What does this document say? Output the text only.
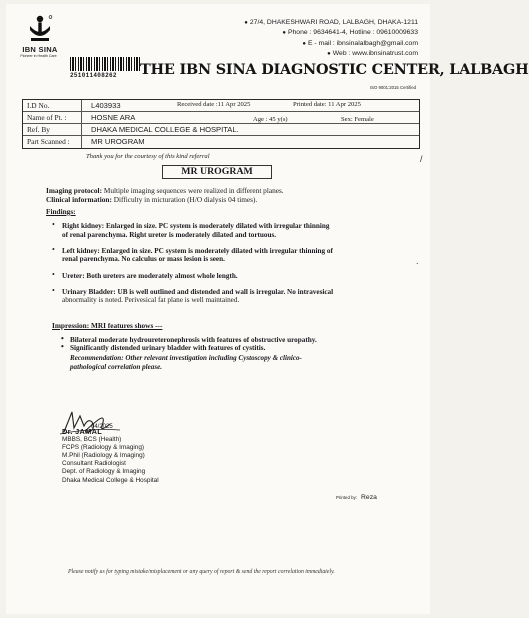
IBN SINA
Pioneer in Health Care
● 27/4, DHAKESHWARI ROAD, LALBAGH, DHAKA-1211
● Phone : 9634641-4, Hotline : 09610009633
● E - mail : ibnsinalalbagh@gmail.com
● Web : www.ibnsinatrust.com
251011408262	THE IBN SINA DIAGNOSTIC CENTER, LALBAGH
ISO 9001:2015 Certified
I.D No.	L403933	Received date :11 Apr 2025	Printed date: 11 Apr 2025
Name of Pt. :	HOSNE ARA	Age : 45 y(s)	Sex: Female
Ref. By	DHAKA MEDICAL COLLEGE & HOSPITAL.
Part Scanned :	MR UROGRAM
Thank you for the courtesy of this kind referral
MR UROGRAM
Imaging protocol: Multiple imaging sequences were realized in different planes.
Clinical information: Difficulty in micturation (H/O dialysis 04 times).
Findings:
• Right kidney: Enlarged in size. PC system is moderately dilated with irregular thinning
of renal parenchyma. Right ureter is moderately dilated and tortuous.
• Left kidney: Enlarged in size. PC system is moderately dilated with irregular thinning of
renal parenchyma. No calculus or mass lesion is seen.
• Ureter: Both ureters are moderately almost whole length.
• Urinary Bladder: UB is well outlined and distended and wall is irregular. No intravesical
abnormality is noted. Perivesical fat plane is well maintained.
Impression: MRI features shows ---
• Bilateral moderate hydroureteronephrosis with features of obstructive uropathy.
• Significantly distended urinary bladder with features of cystitis.
Recommendation: Other relevant investigation including Cystoscopy & clinico-
pathological correlation please.
04/2025
Dr. JAMAL
MBBS, BCS (Health)
FCPS (Radiology & Imaging)
M.Phil (Radiology & Imaging)
Consultant Radiologist
Dept. of Radiology & Imaging
Dhaka Medical College & Hospital
Printed by: Reza
Please notify us for typing mistake/misplacement or any query of report & send the report correlation immediately.
/
.
